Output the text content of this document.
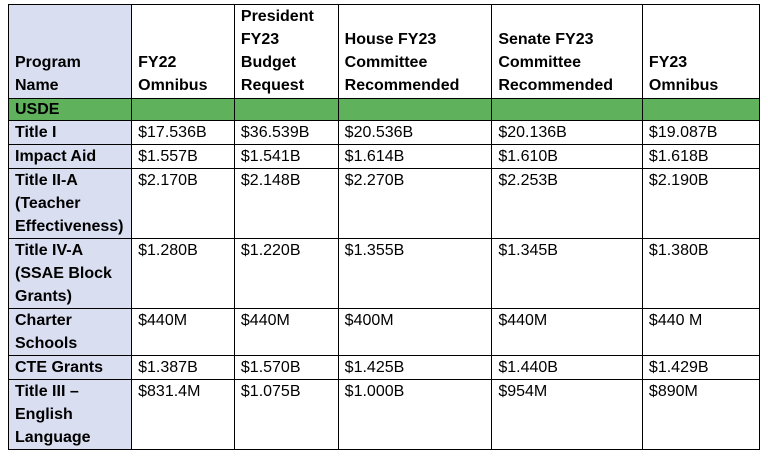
Program Name	FY22 Omnibus	President FY23 Budget Request	House FY23 Committee Recommended	Senate FY23 Committee Recommended	FY23 Omnibus
USDE					
Title I	$17.536B	$36.539B	$20.536B	$20.136B	$19.087B
Impact Aid	$1.557B	$1.541B	$1.614B	$1.610B	$1.618B
Title II-A (Teacher Effectiveness)	$2.170B	$2.148B	$2.270B	$2.253B	$2.190B
Title IV-A (SSAE Block Grants)	$1.280B	$1.220B	$1.355B	$1.345B	$1.380B
Charter Schools	$440M	$440M	$400M	$440M	$440 M
CTE Grants	$1.387B	$1.570B	$1.425B	$1.440B	$1.429B
Title III – English Language	$831.4M	$1.075B	$1.000B	$954M	$890M
